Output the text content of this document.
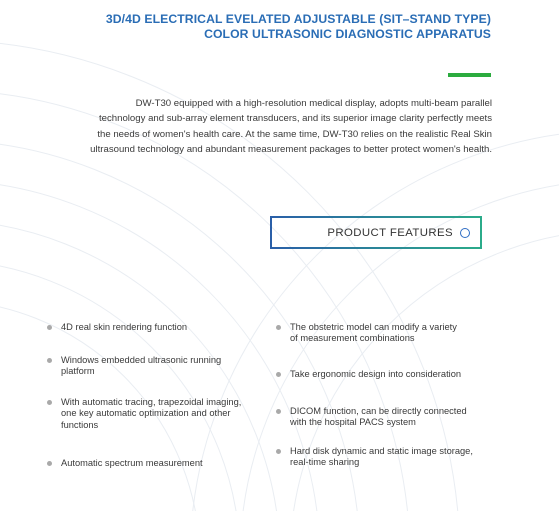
3D/4D ELECTRICAL EVELATED ADJUSTABLE (SIT–STAND TYPE)
COLOR ULTRASONIC DIAGNOSTIC APPARATUS
DW-T30 equipped with a high-resolution medical display, adopts multi-beam parallel
technology and sub-array element transducers, and its superior image clarity perfectly meets
the needs of women's health care. At the same time, DW-T30 relies on the realistic Real Skin
ultrasound technology and abundant measurement packages to better protect women's health.
PRODUCT FEATURES
4D real skin rendering function
Windows embedded ultrasonic running
platform
With automatic tracing, trapezoidal imaging,
one key automatic optimization and other
functions
Automatic spectrum measurement
The obstetric model can modify a variety
of measurement combinations
Take ergonomic design into consideration
DICOM function, can be directly connected
with the hospital PACS system
Hard disk dynamic and static image storage,
real-time sharing
